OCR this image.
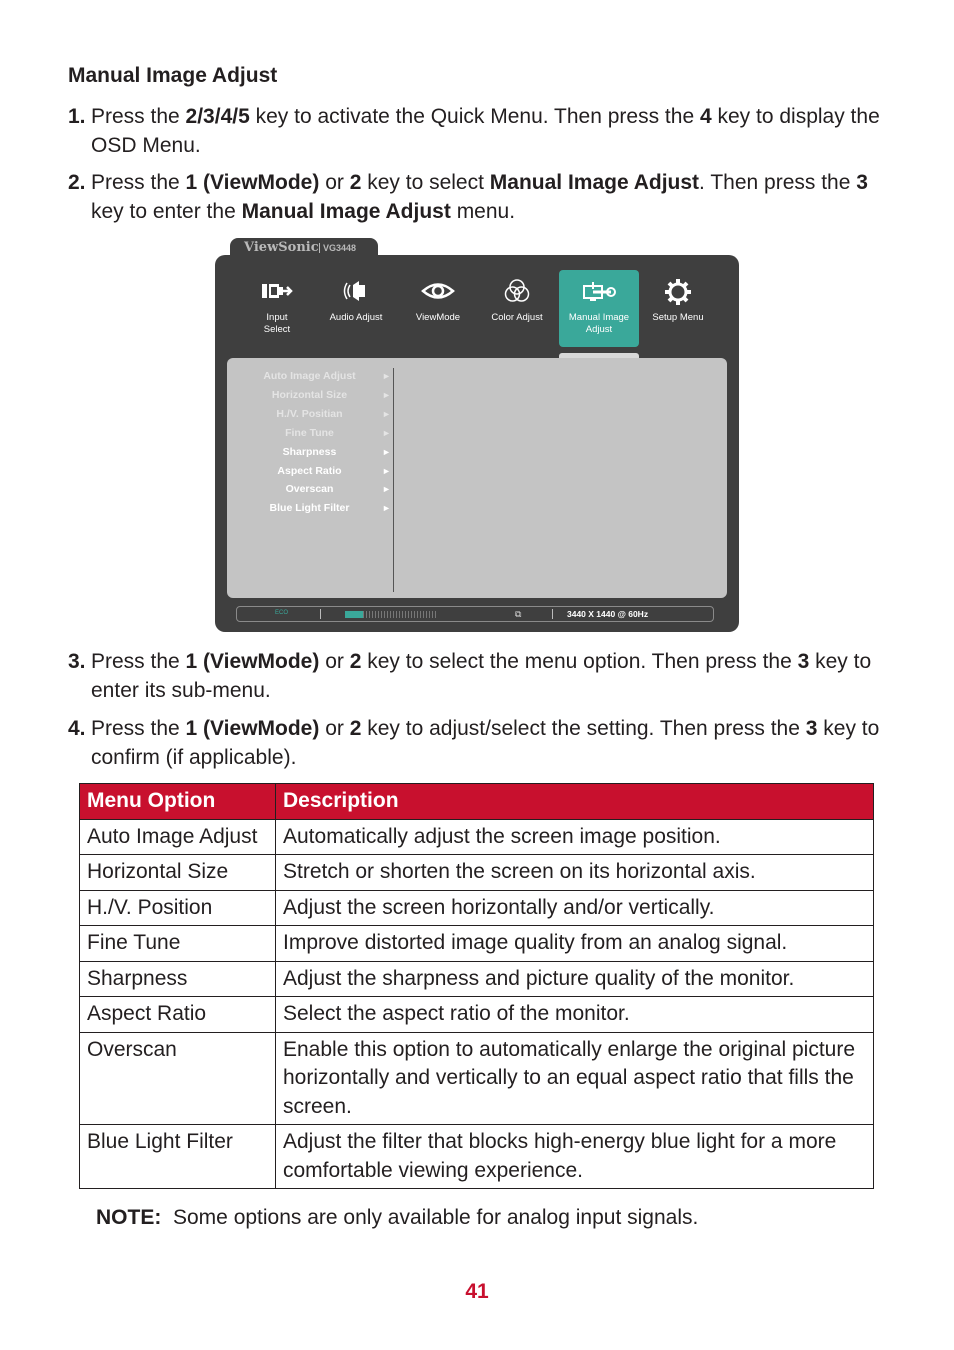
Manual Image Adjust
1. Press the 2/3/4/5 key to activate the Quick Menu. Then press the 4 key to display the OSD Menu.
2. Press the 1 (ViewMode) or 2 key to select Manual Image Adjust. Then press the 3 key to enter the Manual Image Adjust menu.
ViewSonic VG3448
Input Select
Audio Adjust	ViewMode	Color Adjust	Manual Image Adjust
Setup Menu
Auto Image Adjust	►
Horizontal Size	►
H./V. Positian	►
Fine Tune	►
Sharpness	►
Aspect Ratio	►
Overscan	►
Blue Light Filter	►
ECO	⧉	3440 X 1440 @ 60Hz
3. Press the 1 (ViewMode) or 2 key to select the menu option. Then press the 3 key to enter its sub-menu.
4. Press the 1 (ViewMode) or 2 key to adjust/select the setting. Then press the 3 key to confirm (if applicable).
Menu Option	Description
Auto Image Adjust	Automatically adjust the screen image position.
Horizontal Size	Stretch or shorten the screen on its horizontal axis.
H./V. Position	Adjust the screen horizontally and/or vertically.
Fine Tune	Improve distorted image quality from an analog signal.
Sharpness	Adjust the sharpness and picture quality of the monitor.
Aspect Ratio	Select the aspect ratio of the monitor.
Overscan	Enable this option to automatically enlarge the original picture horizontally and vertically to an equal aspect ratio that fills the screen.
Blue Light Filter	Adjust the filter that blocks high-energy blue light for a more comfortable viewing experience.
NOTE: Some options are only available for analog input signals.
41
